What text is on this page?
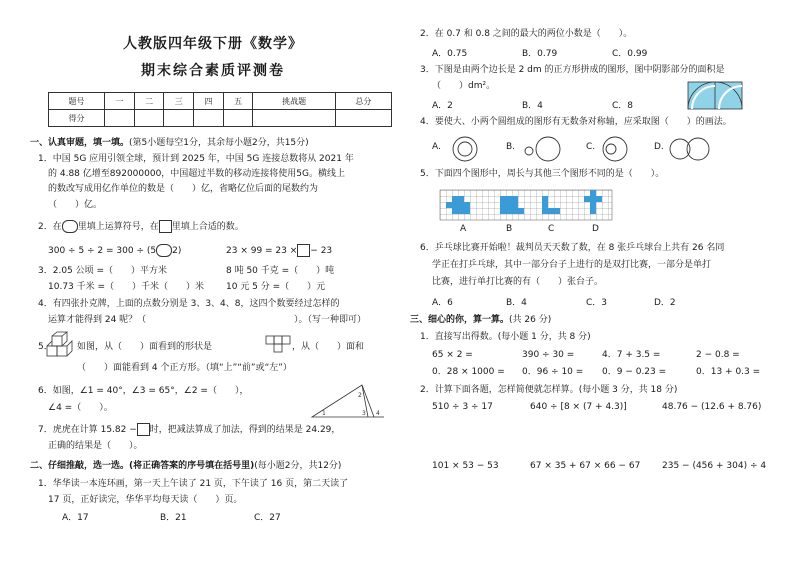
人教版四年级下册《数学》
期末综合素质评测卷
题号	一	二	三	四	五	挑战题	总分
得分							
一、认真审题，填一填。(第5小题每空1分，其余每小题2分，共15分)
1．中国 5G 应用引领全球，预计到 2025 年，中国 5G 连接总数将从 2021 年
的 4.88 亿增至892000000，中国超过半数的移动连接将使用5G。横线上
的数改写成用亿作单位的数是（　　）亿，省略亿位后面的尾数约为
（　　）亿。
2．在 里填上运算符号，在 里填上合适的数。
300 ÷ 5 ÷ 2 = 300 ÷ (5 2)	23 × 99 = 23 × − 23
3．2.05 公顷 =（　　）平方米	8 吨 50 千克 =（　　）吨
10.73 千米 =（　　）千米（　　）米 10 元 5 分 =（　　）元
4．有四张扑克牌，上面的点数分别是 3、3、4、8，这四个数要经过怎样的
运算才能得到 24 呢？（	）。（写一种即可）
5．	如图，从（　　）面看到的形状是	，从（　　）面和
（　　）面能看到 4 个正方形。（填“上”“前”或“左”）
6．如图，∠1 = 40°，∠3 = 65°，∠2 =（　　），
∠4 =（　　）。
1
2
3 4
7．虎虎在计算 15.82 − 时，把减法算成了加法，得到的结果是 24.29，
正确的结果是（　　）。
二、仔细推敲，选一选。(将正确答案的序号填在括号里)(每小题2分，共12分)
1．华华读一本连环画，第一天上午读了 21 页，下午读了 16 页，第二天读了
17 页，正好读完，华华平均每天读（　　）页。
A．17	B．21	C．27
2．在 0.7 和 0.8 之间的最大的两位小数是（　　）。
A．0.75	B．0.79	C．0.99
3．下图是由两个边长是 2 dm 的正方形拼成的图形，图中阴影部分的面积是
（　　）dm²。
A．2	B．4	C．8
4．要使大、小两个圆组成的图形有无数条对称轴，应采取图（　　）的画法。
A.	B.	C.	D.
5．下面四个图形中，周长与其他三个图形不同的是（　　）。
A	B	C	D
6．乒乓球比赛开始啦！裁判员天天数了数，在 8 张乒乓球台上共有 26 名同
学正在打乒乓球，其中一部分台子上进行的是双打比赛，一部分是单打
比赛，进行单打比赛的有（　　）张台子。
A．6	B．4	C．3	D．2
三、细心的你，算一算。(共 26 分)
1．直接写出得数。(每小题 1 分，共 8 分)
65 × 2 =	390 ÷ 30 =	4．7 + 3.5 =	2 − 0.8 =
0．28 × 1000 = 0．96 ÷ 10 = 0．9 − 0.23 =	0．13 + 0.3 =
2．计算下面各题，怎样简便就怎样算。(每小题 3 分，共 18 分)
510 ÷ 3 ÷ 17	640 ÷ [8 × (7 + 4.3)]	48.76 − (12.6 + 8.76)
101 × 53 − 53	67 × 35 + 67 × 66 − 67 235 − (456 + 304) ÷ 4
